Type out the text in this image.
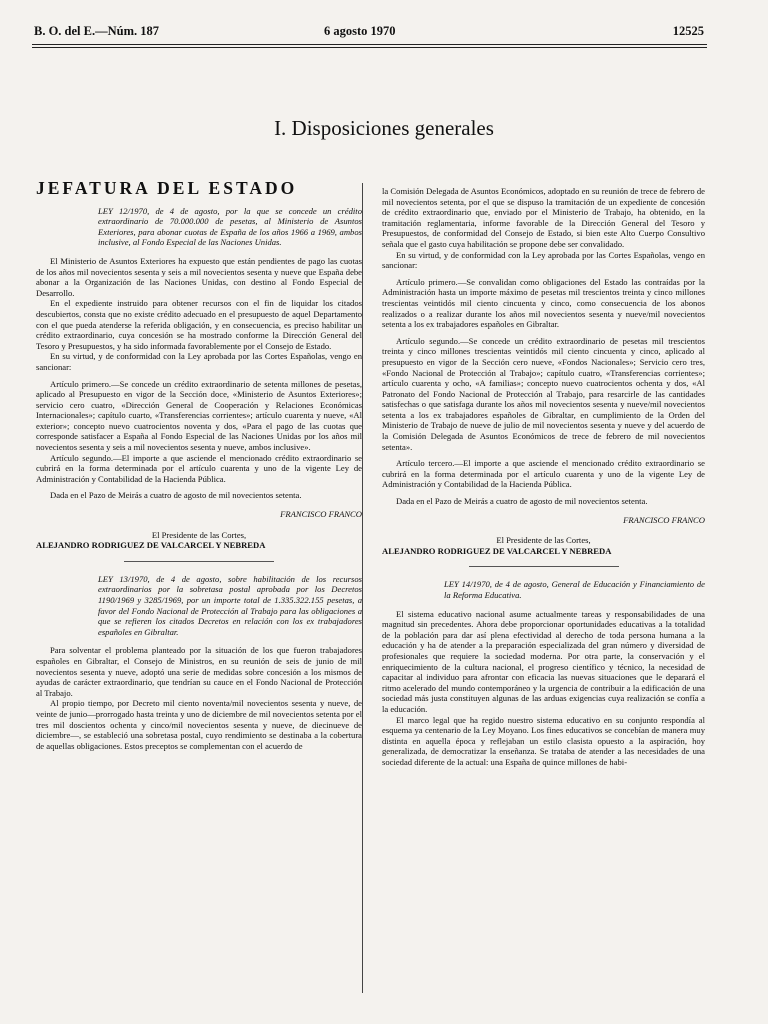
B. O. del E.—Núm. 187	6 agosto 1970	12525
I. Disposiciones generales
JEFATURA DEL ESTADO
LEY 12/1970, de 4 de agosto, por la que se concede un crédito extraordinario de 70.000.000 de pesetas, al Ministerio de Asuntos Exteriores, para abonar cuotas de España de los años 1966 a 1969, ambos inclusive, al Fondo Especial de las Naciones Unidas.

El Ministerio de Asuntos Exteriores ha expuesto que están pendientes de pago las cuotas de los años mil novecientos sesenta y seis a mil novecientos sesenta y nueve que España debe abonar a la Organización de las Naciones Unidas, con destino al Fondo Especial de Desarrollo.

En el expediente instruido para obtener recursos con el fin de liquidar los citados descubiertos, consta que no existe crédito adecuado en el presupuesto de aquel Departamento con el que pueda atenderse la referida obligación, y en consecuencia, es preciso habilitar un crédito extraordinario, cuya concesión se ha mostrado conforme la Dirección General del Tesoro y Presupuestos, y ha sido informada favorablemente por el Consejo de Estado.

En su virtud, y de conformidad con la Ley aprobada por las Cortes Españolas, vengo en sancionar:

Artículo primero.—Se concede un crédito extraordinario de setenta millones de pesetas, aplicado al Presupuesto en vigor de la Sección doce, «Ministerio de Asuntos Exteriores»; servicio cero cuatro, «Dirección General de Cooperación y Relaciones Económicas Internacionales»; capítulo cuarto, «Transferencias corrientes»; artículo cuarenta y nueve, «Al exterior»; concepto nuevo cuatrocientos noventa y dos, «Para el pago de las cuotas que corresponde satisfacer a España al Fondo Especial de las Naciones Unidas por los años mil novecientos sesenta y seis a mil novecientos sesenta y nueve, ambos inclusive».

Artículo segundo.—El importe a que asciende el mencionado crédito extraordinario se cubrirá en la forma determinada por el artículo cuarenta y uno de la vigente Ley de Administración y Contabilidad de la Hacienda Pública.

Dada en el Pazo de Meirás a cuatro de agosto de mil novecientos setenta.

FRANCISCO FRANCO

El Presidente de las Cortes,

ALEJANDRO RODRIGUEZ DE VALCARCEL Y NEBREDA

LEY 13/1970, de 4 de agosto, sobre habilitación de los recursos extraordinarios por la sobretasa postal aprobada por los Decretos 1190/1969 y 3285/1969, por un importe total de 1.335.322.155 pesetas, a favor del Fondo Nacional de Protección al Trabajo para las obligaciones a que se refieren los citados Decretos en relación con los ex trabajadores españoles en Gibraltar.

Para solventar el problema planteado por la situación de los que fueron trabajadores españoles en Gibraltar, el Consejo de Ministros, en su reunión de seis de junio de mil novecientos sesenta y nueve, adoptó una serie de medidas sobre concesión a los mismos de ayudas de carácter extraordinario, que tendrían su cauce en el Fondo Nacional de Protección al Trabajo.

Al propio tiempo, por Decreto mil ciento noventa/mil novecientos sesenta y nueve, de veinte de junio—prorrogado hasta treinta y uno de diciembre de mil novecientos setenta por el tres mil doscientos ochenta y cinco/mil novecientos sesenta y nueve, de diecinueve de diciembre—, se estableció una sobretasa postal, cuyo rendimiento se destinaba a la cobertura de aquellas obligaciones. Estos preceptos se complementan con el acuerdo de

la Comisión Delegada de Asuntos Económicos, adoptado en su reunión de trece de febrero de mil novecientos setenta, por el que se dispuso la tramitación de un expediente de concesión de crédito extraordinario que, enviado por el Ministerio de Trabajo, ha obtenido, en la tramitación reglamentaria, informe favorable de la Dirección General del Tesoro y Presupuestos, de conformidad del Consejo de Estado, si bien este Alto Cuerpo Consultivo señala que el gasto cuya habilitación se propone debe ser convalidado.

En su virtud, y de conformidad con la Ley aprobada por las Cortes Españolas, vengo en sancionar:

Artículo primero.—Se convalidan como obligaciones del Estado las contraídas por la Administración hasta un importe máximo de pesetas mil trescientos treinta y cinco millones trescientas veintidós mil ciento cincuenta y cinco, como consecuencia de los abonos realizados o a realizar durante los años mil novecientos sesenta y nueve/mil novecientos setenta a los ex trabajadores españoles en Gibraltar.

Artículo segundo.—Se concede un crédito extraordinario de pesetas mil trescientos treinta y cinco millones trescientas veintidós mil ciento cincuenta y cinco, aplicado al presupuesto en vigor de la Sección cero nueve, «Fondos Nacionales»; Servicio cero tres, «Fondo Nacional de Protección al Trabajo»; capítulo cuatro, «Transferencias corrientes»; artículo cuarenta y ocho, «A familias»; concepto nuevo cuatrocientos ochenta y dos, «Al Patronato del Fondo Nacional de Protección al Trabajo, para resarcirle de las cantidades satisfechas o que satisfaga durante los años mil novecientos sesenta y nueve/mil novecientos setenta a los ex trabajadores españoles de Gibraltar, en cumplimiento de la Orden del Ministerio de Trabajo de nueve de julio de mil novecientos sesenta y nueve y del acuerdo de la Comisión Delegada de Asuntos Económicos de trece de febrero de mil novecientos setenta».

Artículo tercero.—El importe a que asciende el mencionado crédito extraordinario se cubrirá en la forma determinada por el artículo cuarenta y uno de la vigente Ley de Administración y Contabilidad de la Hacienda Pública.

Dada en el Pazo de Meirás a cuatro de agosto de mil novecientos setenta.

FRANCISCO FRANCO

El Presidente de las Cortes,

ALEJANDRO RODRIGUEZ DE VALCARCEL Y NEBREDA

LEY 14/1970, de 4 de agosto, General de Educación y Financiamiento de la Reforma Educativa.

El sistema educativo nacional asume actualmente tareas y responsabilidades de una magnitud sin precedentes. Ahora debe proporcionar oportunidades educativas a la totalidad de la población para dar así plena efectividad al derecho de toda persona humana a la educación y ha de atender a la preparación especializada del gran número y diversidad de profesionales que requiere la sociedad moderna. Por otra parte, la conservación y el enriquecimiento de la cultura nacional, el progreso científico y técnico, la necesidad de capacitar al individuo para afrontar con eficacia las nuevas situaciones que le deparará el ritmo acelerado del mundo contemporáneo y la urgencia de contribuir a la edificación de una sociedad más justa constituyen algunas de las arduas exigencias cuya realización se confía a la educación.

El marco legal que ha regido nuestro sistema educativo en su conjunto respondía al esquema ya centenario de la Ley Moyano. Los fines educativos se concebían de manera muy distinta en aquella época y reflejaban un estilo clasista opuesto a la aspiración, hoy generalizada, de democratizar la enseñanza. Se trataba de atender a las necesidades de una sociedad diferente de la actual: una España de quince millones de habi-
